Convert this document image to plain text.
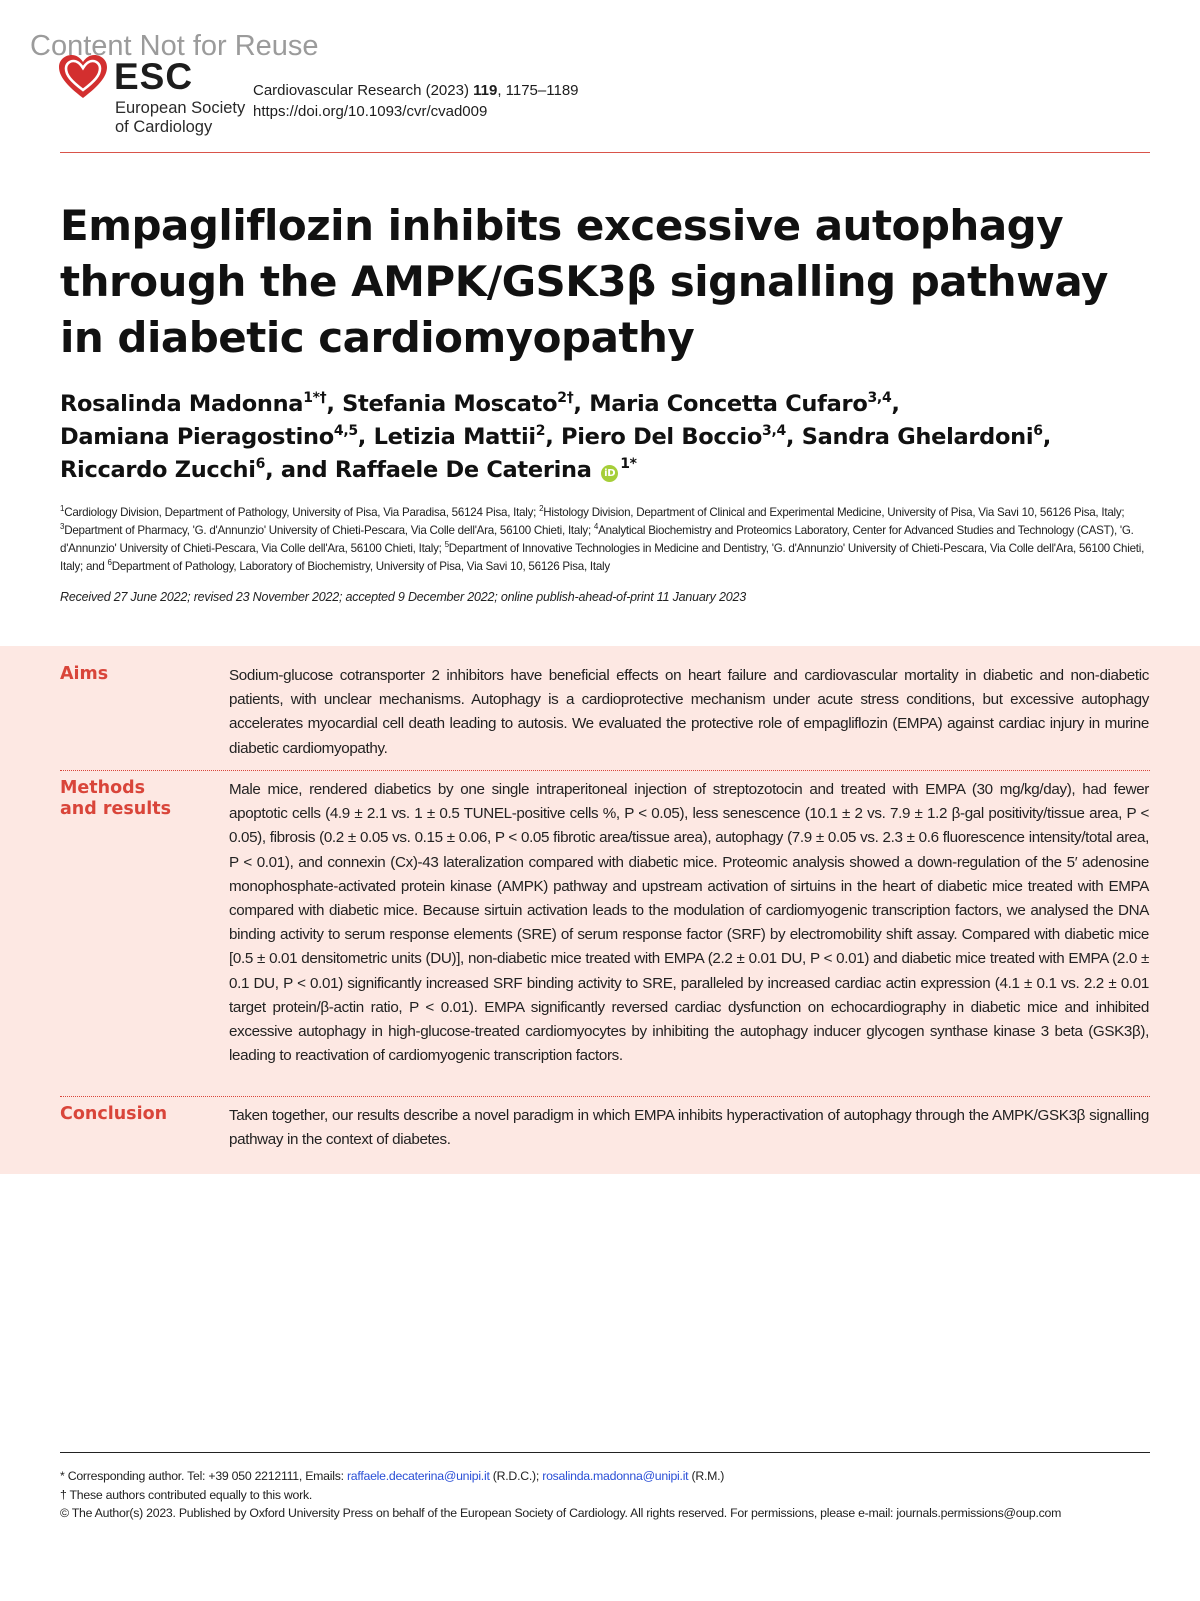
Content Not for Reuse
ESC
European Society
of Cardiology
Cardiovascular Research (2023) 119, 1175–1189
https://doi.org/10.1093/cvr/cvad009
Empagliflozin inhibits excessive autophagy
through the AMPK/GSK3β signalling pathway
in diabetic cardiomyopathy
Rosalinda Madonna$^{1*\dagger}$, Stefania Moscato$^{2\dagger}$, Maria Concetta Cufaro$^{3,4}$,
Damiana Pieragostino$^{4,5}$, Letizia Mattii$^2$, Piero Del Boccio$^{3,4}$, Sandra Ghelardoni$^6$,
Riccardo Zucchi$^6$, and Raffaele De Caterina $iD^{1*}$
$^1$Cardiology Division, Department of Pathology, University of Pisa, Via Paradisa, 56124 Pisa, Italy; $^2$Histology Division, Department of Clinical and Experimental Medicine, University of Pisa, Via Savi 10, 56126 Pisa, Italy; $^3$Department of Pharmacy, 'G. d'Annunzio' University of Chieti-Pescara, Via Colle dell'Ara, 56100 Chieti, Italy; $^4$Analytical Biochemistry and Proteomics Laboratory, Center for Advanced Studies and Technology (CAST), 'G. d'Annunzio' University of Chieti-Pescara, Via Colle dell'Ara, 56100 Chieti, Italy; $^5$Department of Innovative Technologies in Medicine and Dentistry, 'G. d'Annunzio' University of Chieti-Pescara, Via Colle dell'Ara, 56100 Chieti, Italy; and $^6$Department of Pathology, Laboratory of Biochemistry, University of Pisa, Via Savi 10, 56126 Pisa, Italy
Received 27 June 2022; revised 23 November 2022; accepted 9 December 2022; online publish-ahead-of-print 11 January 2023
Aims	Sodium-glucose cotransporter 2 inhibitors have beneficial effects on heart failure and cardiovascular mortality in diabetic and non-diabetic patients, with unclear mechanisms. Autophagy is a cardioprotective mechanism under acute stress conditions, but excessive autophagy accelerates myocardial cell death leading to autosis. We evaluated the protective role of empagliflozin (EMPA) against cardiac injury in murine diabetic cardiomyopathy.
Methods
and results
Male mice, rendered diabetics by one single intraperitoneal injection of streptozotocin and treated with EMPA (30 mg/kg/day), had fewer apoptotic cells (4.9 ± 2.1 vs. 1 ± 0.5 TUNEL-positive cells %, P < 0.05), less senescence (10.1 ± 2 vs. 7.9 ± 1.2 β-gal positivity/tissue area, P < 0.05), fibrosis (0.2 ± 0.05 vs. 0.15 ± 0.06, P < 0.05 fibrotic area/tissue area), autophagy (7.9 ± 0.05 vs. 2.3 ± 0.6 fluorescence intensity/total area, P < 0.01), and connexin (Cx)-43 lateralization compared with diabetic mice. Proteomic analysis showed a down-regulation of the 5′ adenosine monophosphate-activated protein kinase (AMPK) pathway and upstream activation of sirtuins in the heart of diabetic mice treated with EMPA compared with diabetic mice. Because sirtuin activation leads to the modulation of cardiomyogenic transcription factors, we analysed the DNA binding activity to serum response elements (SRE) of serum response factor (SRF) by electromobility shift assay. Compared with diabetic mice [0.5 ± 0.01 densitometric units (DU)], non-diabetic mice treated with EMPA (2.2 ± 0.01 DU, P < 0.01) and diabetic mice treated with EMPA (2.0 ± 0.1 DU, P < 0.01) significantly increased SRF binding activity to SRE, paralleled by increased cardiac actin expression (4.1 ± 0.1 vs. 2.2 ± 0.01 target protein/β-actin ratio, P < 0.01). EMPA significantly reversed cardiac dysfunction on echocardiography in diabetic mice and inhibited excessive autophagy in high-glucose-treated cardiomyocytes by inhibiting the autophagy inducer glycogen synthase kinase 3 beta (GSK3β), leading to reactivation of cardiomyogenic transcription factors.
Conclusion	Taken together, our results describe a novel paradigm in which EMPA inhibits hyperactivation of autophagy through the AMPK/GSK3β signalling pathway in the context of diabetes.
* Corresponding author. Tel: +39 050 2212111, Emails: raffaele.decaterina@unipi.it (R.D.C.); rosalinda.madonna@unipi.it (R.M.)
† These authors contributed equally to this work.
© The Author(s) 2023. Published by Oxford University Press on behalf of the European Society of Cardiology. All rights reserved. For permissions, please e-mail: journals.permissions@oup.com
